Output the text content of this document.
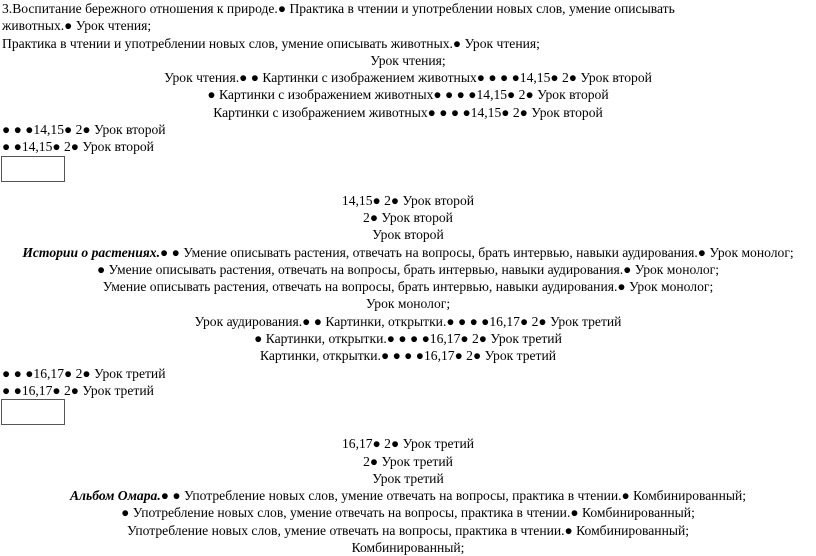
3.Воспитание бережного отношения к природе.● Практика в чтении и употреблении новых слов, умение описывать

животных.● Урок чтения;

Практика в чтении и употреблении новых слов, умение описывать животных.● Урок чтения;

Урок чтения;

Урок чтения.● ● Картинки с изображением животных● ● ● ●14,15● 2● Урок второй

● Картинки с изображением животных● ● ● ●14,15● 2● Урок второй

Картинки с изображением животных● ● ● ●14,15● 2● Урок второй

● ● ●14,15● 2● Урок второй

● ●14,15● 2● Урок второй

14,15● 2● Урок второй

2● Урок второй

Урок второй

Истории о растениях.● ● Умение описывать растения, отвечать на вопросы, брать интервью, навыки аудирования.● Урок монолог;

● Умение описывать растения, отвечать на вопросы, брать интервью, навыки аудирования.● Урок монолог;

Умение описывать растения, отвечать на вопросы, брать интервью, навыки аудирования.● Урок монолог;

Урок монолог;

Урок аудирования.● ● Картинки, открытки.● ● ● ●16,17● 2● Урок третий

● Картинки, открытки.● ● ● ●16,17● 2● Урок третий

Картинки, открытки.● ● ● ●16,17● 2● Урок третий

● ● ●16,17● 2● Урок третий

● ●16,17● 2● Урок третий

16,17● 2● Урок третий

2● Урок третий

Урок третий

Альбом Омара.● ● Употребление новых слов, умение отвечать на вопросы, практика в чтении.● Комбинированный;

● Употребление новых слов, умение отвечать на вопросы, практика в чтении.● Комбинированный;

Употребление новых слов, умение отвечать на вопросы, практика в чтении.● Комбинированный;

Комбинированный;
